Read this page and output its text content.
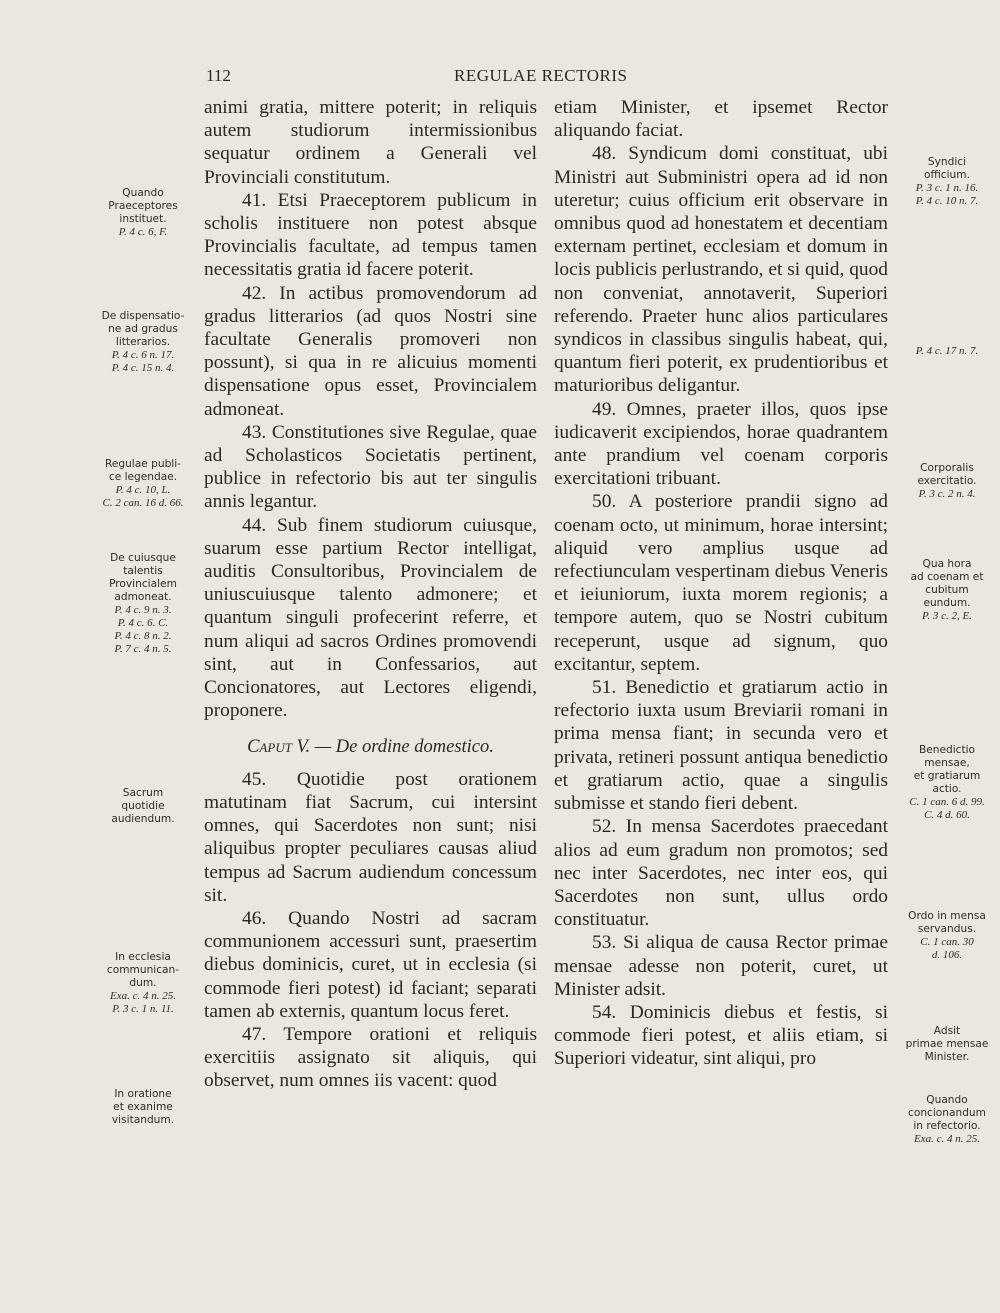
112	REGULAE RECTORIS

animi gratia, mittere poterit; in reliquis autem studiorum intermissionibus sequatur ordinem a Generali vel Provinciali constitutum.

41. Etsi Praeceptorem publicum in scholis instituere non potest absque Provincialis facultate, ad tempus tamen necessitatis gratia id facere poterit.

42. In actibus promovendorum ad gradus litterarios (ad quos Nostri sine facultate Generalis promoveri non possunt), si qua in re alicuius momenti dispensatione opus esset, Provincialem admoneat.

43. Constitutiones sive Regulae, quae ad Scholasticos Societatis pertinent, publice in refectorio bis aut ter singulis annis legantur.

44. Sub finem studiorum cuiusque, suarum esse partium Rector intelligat, auditis Consultoribus, Provincialem de uniuscuiusque talento admonere; et quantum singuli profecerint referre, et num aliqui ad sacros Ordines promovendi sint, aut in Confessarios, aut Concionatores, aut Lectores eligendi, proponere.

Caput V. — De ordine domestico.

45. Quotidie post orationem matutinam fiat Sacrum, cui intersint omnes, qui Sacerdotes non sunt; nisi aliquibus propter peculiares causas aliud tempus ad Sacrum audiendum concessum sit.

46. Quando Nostri ad sacram communionem accessuri sunt, praesertim diebus dominicis, curet, ut in ecclesia (si commode fieri potest) id faciant; separati tamen ab externis, quantum locus feret.

47. Tempore orationi et reliquis exercitiis assignato sit aliquis, qui observet, num omnes iis vacent: quod

etiam Minister, et ipsemet Rector aliquando faciat.

48. Syndicum domi constituat, ubi Ministri aut Subministri opera ad id non uteretur; cuius officium erit observare in omnibus quod ad honestatem et decentiam externam pertinet, ecclesiam et domum in locis publicis perlustrando, et si quid, quod non conveniat, annotaverit, Superiori referendo. Praeter hunc alios particulares syndicos in classibus singulis habeat, qui, quantum fieri poterit, ex prudentioribus et maturioribus deligantur.

49. Omnes, praeter illos, quos ipse iudicaverit excipiendos, horae quadrantem ante prandium vel coenam corporis exercitationi tribuant.

50. A posteriore prandii signo ad coenam octo, ut minimum, horae intersint; aliquid vero amplius usque ad refectiunculam vespertinam diebus Veneris et ieiuniorum, iuxta morem regionis; a tempore autem, quo se Nostri cubitum receperunt, usque ad signum, quo excitantur, septem.

51. Benedictio et gratiarum actio in refectorio iuxta usum Breviarii romani in prima mensa fiant; in secunda vero et privata, retineri possunt antiqua benedictio et gratiarum actio, quae a singulis submisse et stando fieri debent.

52. In mensa Sacerdotes praecedant alios ad eum gradum non promotos; sed nec inter Sacerdotes, nec inter eos, qui Sacerdotes non sunt, ullus ordo constituatur.

53. Si aliqua de causa Rector primae mensae adesse non poterit, curet, ut Minister adsit.

54. Dominicis diebus et festis, si commode fieri potest, et aliis etiam, si Superiori videatur, sint aliqui, pro

Quando
Praeceptores
instituet.
P. 4 c. 6, F.
De dispensatio-
ne ad gradus
litterarios.
P. 4 c. 6 n. 17.
P. 4 c. 15 n. 4.
Regulae publi-
ce legendae.
P. 4 c. 10, L.
C. 2 can. 16 d. 66.
De cuiusque
talentis
Provincialem
admoneat.
P. 4 c. 9 n. 3.
P. 4 c. 6. C.
P. 4 c. 8 n. 2.
P. 7 c. 4 n. 5.
Sacrum
quotidie
audiendum.
In ecclesia
communican-
dum.
Exa. c. 4 n. 25.
P. 3 c. 1 n. 11.
In oratione
et exanime
visitandum.
Syndici
officium.
P. 3 c. 1 n. 16.
P. 4 c. 10 n. 7.
P. 4 c. 17 n. 7.
Corporalis
exercitatio.
P. 3 c. 2 n. 4.
Qua hora
ad coenam et
cubitum
eundum.
P. 3 c. 2, E.
Benedictio
mensae,
et gratiarum
actio.
C. 1 can. 6 d. 99.
C. 4 d. 60.
Ordo in mensa
servandus.
C. 1 can. 30
d. 106.
Adsit
primae mensae
Minister.
Quando
concionandum
in refectorio.
Exa. c. 4 n. 25.
